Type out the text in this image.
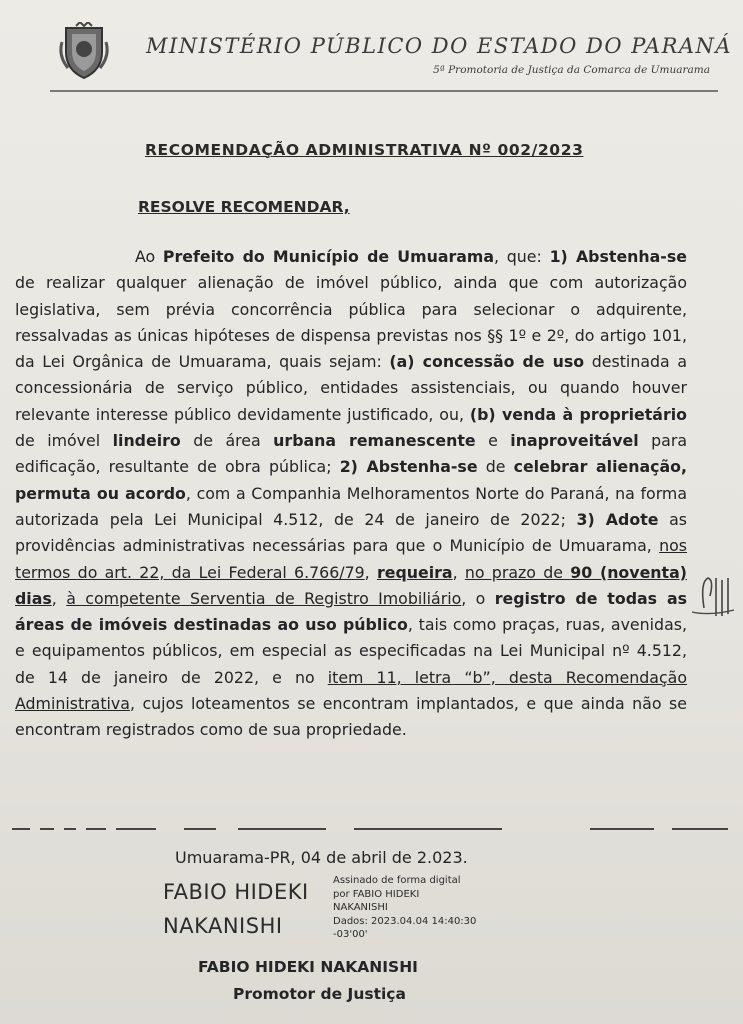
MINISTÉRIO PÚBLICO DO ESTADO DO PARANÁ
5ª Promotoria de Justiça da Comarca de Umuarama
RECOMENDAÇÃO ADMINISTRATIVA Nº 002/2023
RESOLVE RECOMENDAR,
Ao Prefeito do Município de Umuarama, que: 1) Abstenha-se de realizar qualquer alienação de imóvel público, ainda que com autorização legislativa, sem prévia concorrência pública para selecionar o adquirente, ressalvadas as únicas hipóteses de dispensa previstas nos §§ 1º e 2º, do artigo 101, da Lei Orgânica de Umuarama, quais sejam: (a) concessão de uso destinada a concessionária de serviço público, entidades assistenciais, ou quando houver relevante interesse público devidamente justificado, ou, (b) venda à proprietário de imóvel lindeiro de área urbana remanescente e inaproveitável para edificação, resultante de obra pública; 2) Abstenha-se de celebrar alienação, permuta ou acordo, com a Companhia Melhoramentos Norte do Paraná, na forma autorizada pela Lei Municipal 4.512, de 24 de janeiro de 2022; 3) Adote as providências administrativas necessárias para que o Município de Umuarama, nos termos do art. 22, da Lei Federal 6.766/79, requeira, no prazo de 90 (noventa) dias, à competente Serventia de Registro Imobiliário, o registro de todas as áreas de imóveis destinadas ao uso público, tais como praças, ruas, avenidas, e equipamentos públicos, em especial as especificadas na Lei Municipal nº 4.512, de 14 de janeiro de 2022, e no item 11, letra “b”, desta Recomendação Administrativa, cujos loteamentos se encontram implantados, e que ainda não se encontram registrados como de sua propriedade.
Umuarama-PR, 04 de abril de 2.023.
FABIO HIDEKI
NAKANISHI
Assinado de forma digital
por FABIO HIDEKI
NAKANISHI
Dados: 2023.04.04 14:40:30
-03'00'
FABIO HIDEKI NAKANISHI
Promotor de Justiça
